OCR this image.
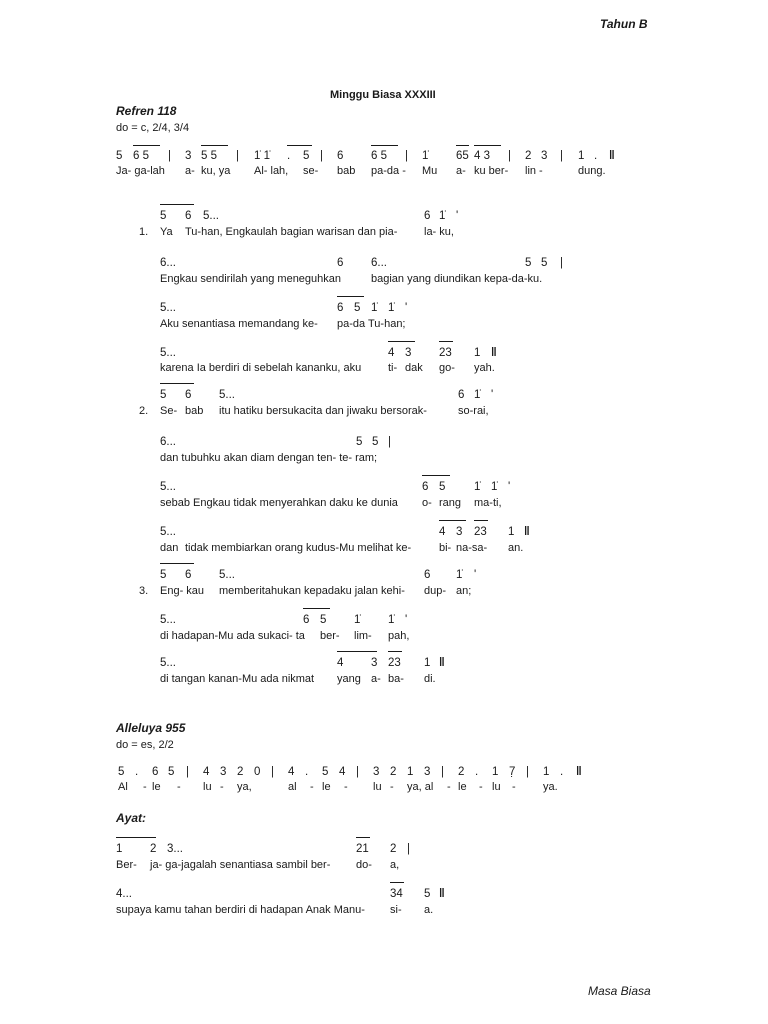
Tahun B
Minggu Biasa XXXIII
Masa Biasa
Refren 118
do = c, 2/4, 3/4
5 6 5 | 3 5 5 | 1̇ 1̇ . 5 | 6 6 5 | 1̇ 65 4 3 | 2 3 | 1 . ‖
Ja- ga-lah a- ku, ya Al- lah, se- bab pa-da - Mu a- ku ber- lin -	dung.
5 6 5...	6 1̇ '
1. Ya Tu-han, Engkaulah bagian warisan dan pia- la- ku,
6...	6 6...	5 5 |
Engkau sendirilah yang meneguhkan	bagian yang diundikan kepa-da-ku.
5...	6 5 1̇ 1̇ '
Aku senantiasa memandang ke- pa-da Tu-han;
5...	4 3 23 1 ‖
karena Ia berdiri di sebelah kananku, aku ti- dak go- yah.
5 6 5...	6 1̇ '
2. Se- bab itu hatiku bersukacita dan jiwaku bersorak-	so-rai,
6...	5 5 |
dan tubuhku akan diam dengan ten- te- ram;
5...	6 5 1̇ 1̇ '
sebab Engkau tidak menyerahkan daku ke dunia o- rang ma-ti,
5...	4 3 23 1 ‖
dan tidak membiarkan orang kudus-Mu melihat ke-	bi- na-sa- an.
5 6 5...	6 1̇ '
3. Eng- kau memberitahukan kepadaku jalan kehi- dup- an;
5...	6 5 1̇ 1̇ '
di hadapan-Mu ada sukaci- ta ber- lim- pah,
5...	4 3 23 1 ‖
di tangan kanan-Mu ada nikmat yang a- ba- di.
Alleluya 955
do = es, 2/2
5 . 6 5 | 4 3 2 0 | 4 . 5 4 | 3 2 1 3 | 2 . 1 7̣ | 1 . ‖
Al - le - lu - ya,	al - le - lu - ya, al - le - lu - ya.
Ayat:
1 2 3...	21 2 |
Ber- ja- ga-jagalah senantiasa sambil ber- do- a,
4...	34 5 ‖
supaya kamu tahan berdiri di hadapan Anak Manu- si- a.
